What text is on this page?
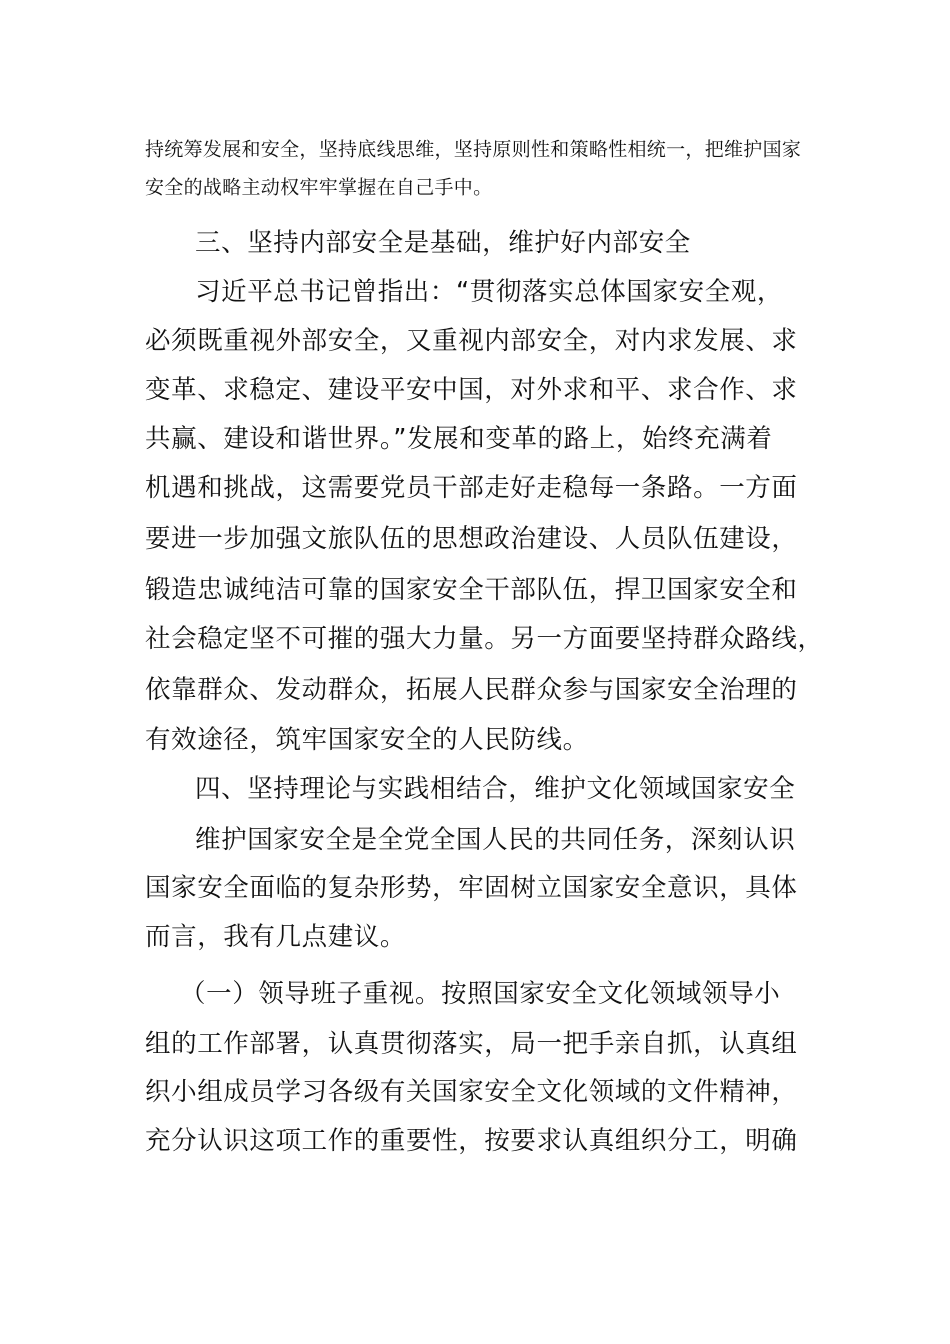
持统筹发展和安全，坚持底线思维，坚持原则性和策略性相统一，把维护国家
安全的战略主动权牢牢掌握在自己手中。
三、坚持内部安全是基础，维护好内部安全
习近平总书记曾指出：“贯彻落实总体国家安全观，
必须既重视外部安全，又重视内部安全，对内求发展、求
变革、求稳定、建设平安中国，对外求和平、求合作、求
共赢、建设和谐世界。”发展和变革的路上，始终充满着
机遇和挑战，这需要党员干部走好走稳每一条路。一方面
要进一步加强文旅队伍的思想政治建设、人员队伍建设，
锻造忠诚纯洁可靠的国家安全干部队伍，捍卫国家安全和
社会稳定坚不可摧的强大力量。另一方面要坚持群众路线，
依靠群众、发动群众，拓展人民群众参与国家安全治理的
有效途径，筑牢国家安全的人民防线。
四、坚持理论与实践相结合，维护文化领域国家安全
维护国家安全是全党全国人民的共同任务，深刻认识
国家安全面临的复杂形势，牢固树立国家安全意识，具体
而言，我有几点建议。
（一）领导班子重视。按照国家安全文化领域领导小
组的工作部署，认真贯彻落实，局一把手亲自抓，认真组
织小组成员学习各级有关国家安全文化领域的文件精神，
充分认识这项工作的重要性，按要求认真组织分工，明确
